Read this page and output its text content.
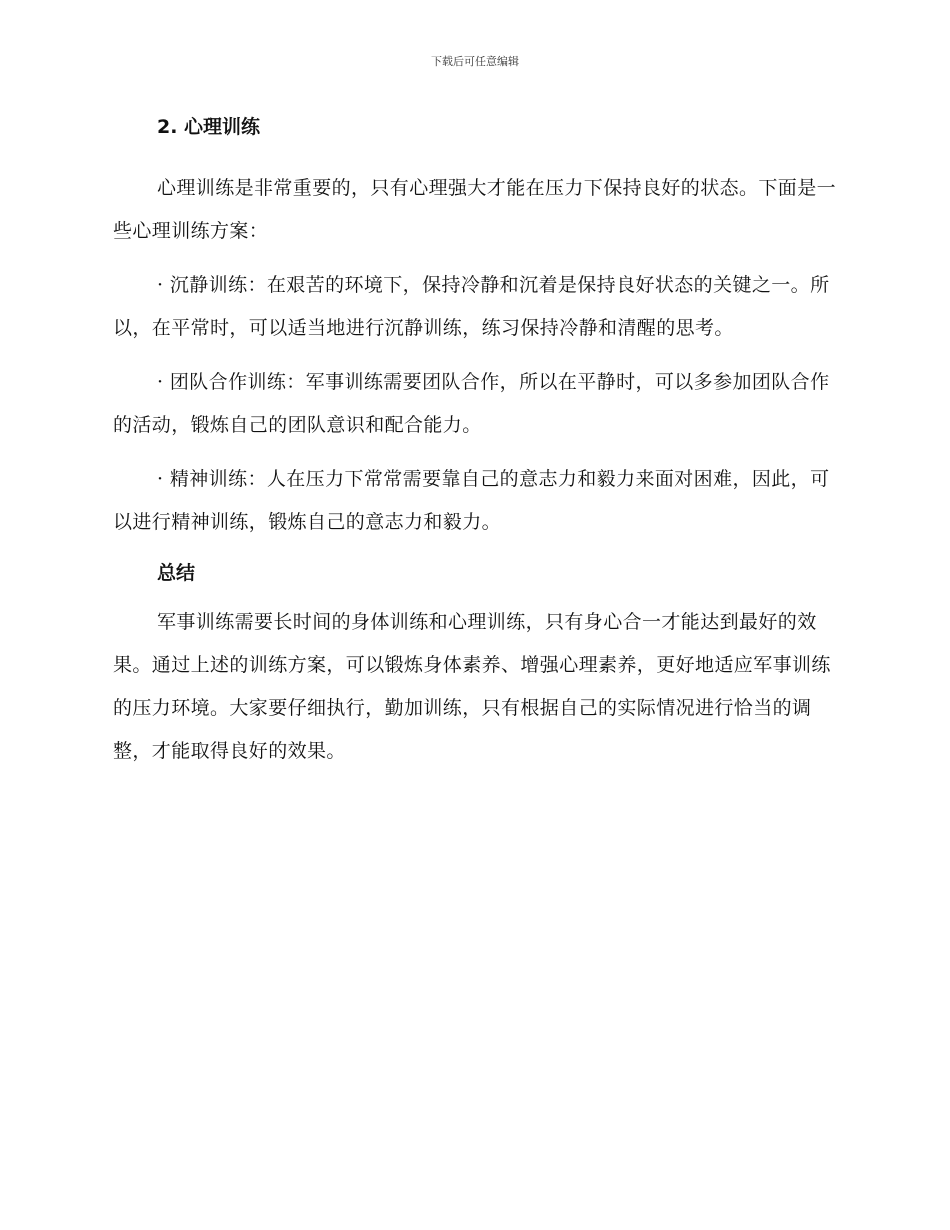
下载后可任意编辑
2. 心理训练

心理训练是非常重要的，只有心理强大才能在压力下保持良好的状态。下面是一些心理训练方案：

· 沉静训练：在艰苦的环境下，保持冷静和沉着是保持良好状态的关键之一。所以，在平常时，可以适当地进行沉静训练，练习保持冷静和清醒的思考。

· 团队合作训练：军事训练需要团队合作，所以在平静时，可以多参加团队合作的活动，锻炼自己的团队意识和配合能力。

· 精神训练：人在压力下常常需要靠自己的意志力和毅力来面对困难，因此，可以进行精神训练，锻炼自己的意志力和毅力。

总结

军事训练需要长时间的身体训练和心理训练，只有身心合一才能达到最好的效果。通过上述的训练方案，可以锻炼身体素养、增强心理素养，更好地适应军事训练的压力环境。大家要仔细执行，勤加训练，只有根据自己的实际情况进行恰当的调整，才能取得良好的效果。
